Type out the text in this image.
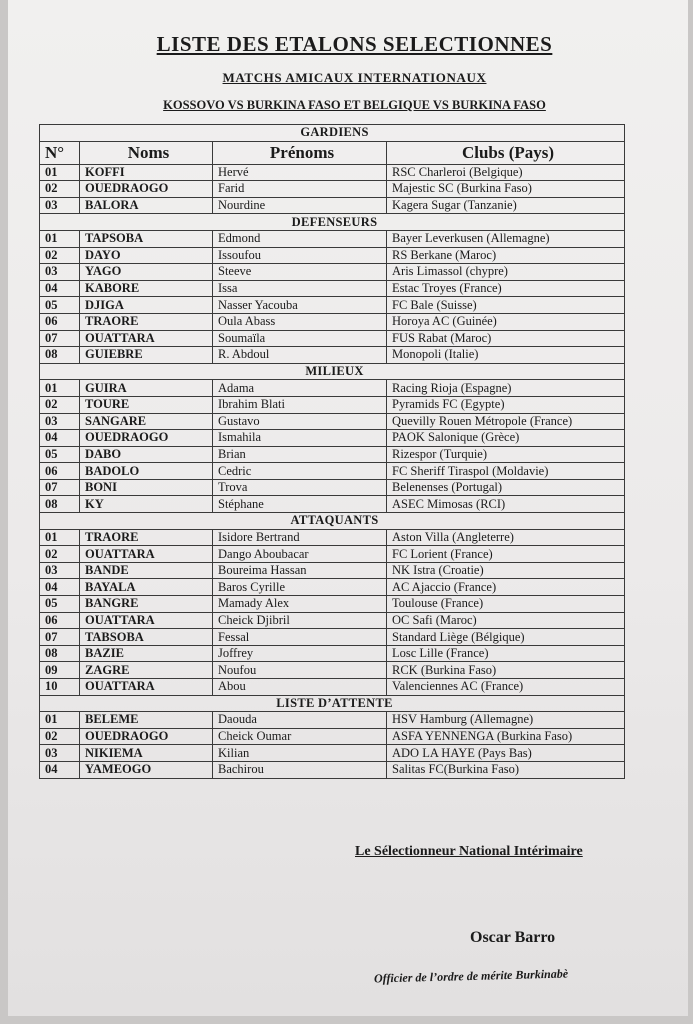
LISTE DES ETALONS SELECTIONNES
MATCHS AMICAUX INTERNATIONAUX
KOSSOVO VS BURKINA FASO ET BELGIQUE VS BURKINA FASO
GARDIENS			
N°	Noms	Prénoms	Clubs (Pays)
01	KOFFI	Hervé	RSC Charleroi (Belgique)
02	OUEDRAOGO	Farid	Majestic SC (Burkina Faso)
03	BALORA	Nourdine	Kagera Sugar (Tanzanie)
DEFENSEURS			
01	TAPSOBA	Edmond	Bayer Leverkusen (Allemagne)
02	DAYO	Issoufou	RS Berkane (Maroc)
03	YAGO	Steeve	Aris Limassol (chypre)
04	KABORE	Issa	Estac Troyes (France)
05	DJIGA	Nasser Yacouba	FC Bale (Suisse)
06	TRAORE	Oula Abass	Horoya AC (Guinée)
07	OUATTARA	Soumaïla	FUS Rabat (Maroc)
08	GUIEBRE	R. Abdoul	Monopoli (Italie)
MILIEUX			
01	GUIRA	Adama	Racing Rioja (Espagne)
02	TOURE	Ibrahim Blati	Pyramids FC (Egypte)
03	SANGARE	Gustavo	Quevilly Rouen Métropole (France)
04	OUEDRAOGO	Ismahila	PAOK Salonique (Grèce)
05	DABO	Brian	Rizespor (Turquie)
06	BADOLO	Cedric	FC Sheriff Tiraspol (Moldavie)
07	BONI	Trova	Belenenses (Portugal)
08	KY	Stéphane	ASEC Mimosas (RCI)
ATTAQUANTS			
01	TRAORE	Isidore Bertrand	Aston Villa (Angleterre)
02	OUATTARA	Dango Aboubacar	FC Lorient (France)
03	BANDE	Boureima Hassan	NK Istra (Croatie)
04	BAYALA	Baros Cyrille	AC Ajaccio (France)
05	BANGRE	Mamady Alex	Toulouse (France)
06	OUATTARA	Cheick Djibril	OC Safi (Maroc)
07	TABSOBA	Fessal	Standard Liège (Bélgique)
08	BAZIE	Joffrey	Losc Lille (France)
09	ZAGRE	Noufou	RCK (Burkina Faso)
10	OUATTARA	Abou	Valenciennes AC (France)
LISTE D’ATTENTE			
01	BELEME	Daouda	HSV Hamburg (Allemagne)
02	OUEDRAOGO	Cheick Oumar	ASFA YENNENGA (Burkina Faso)
03	NIKIEMA	Kilian	ADO LA HAYE (Pays Bas)
04	YAMEOGO	Bachirou	Salitas FC(Burkina Faso)
Le Sélectionneur National Intérimaire
Oscar Barro
Officier de l’ordre de mérite Burkinabè
